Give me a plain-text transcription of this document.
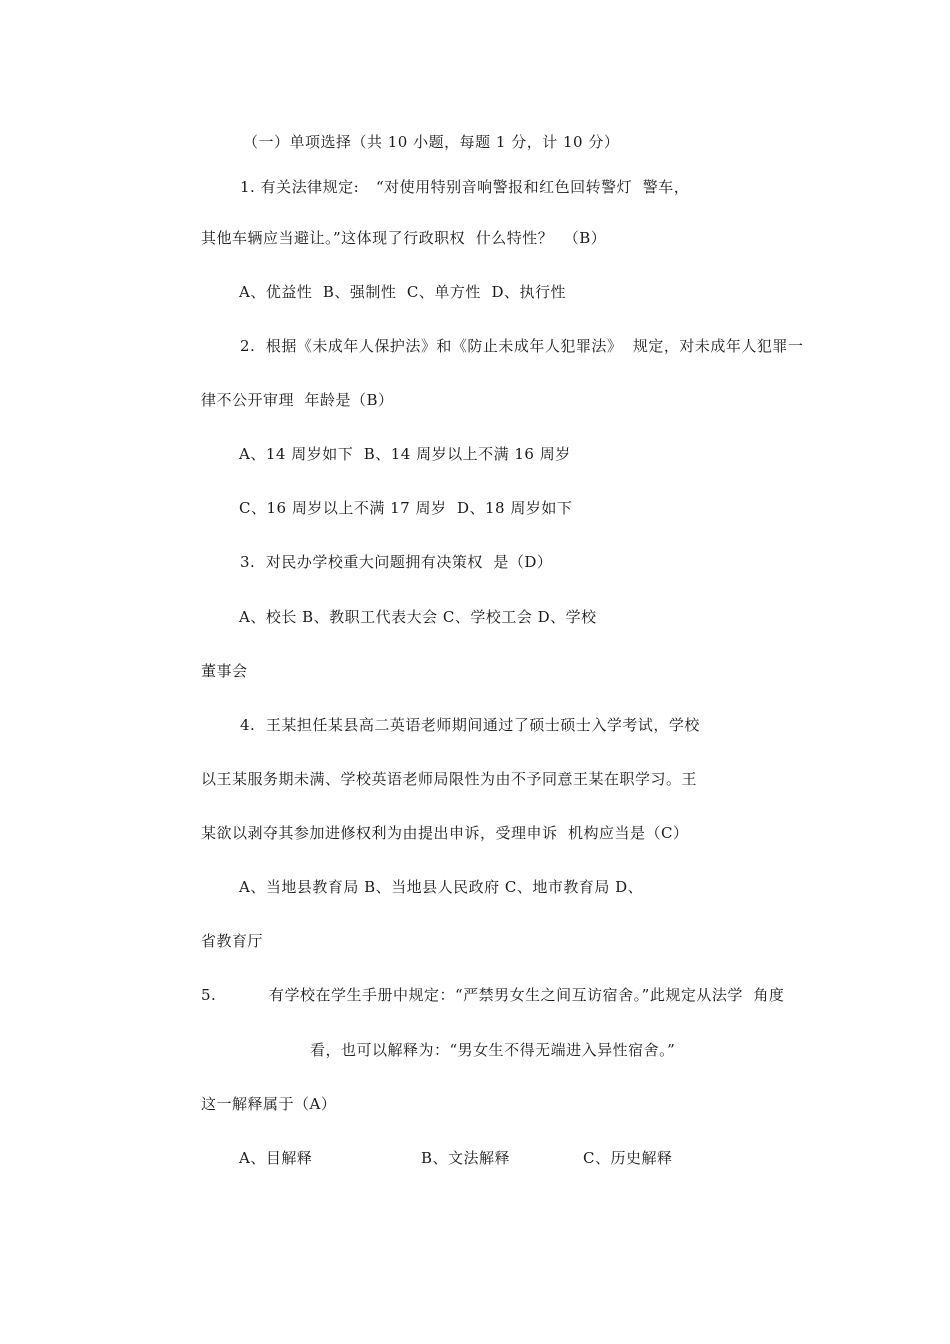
（一）单项选择（共 10 小题，每题 1 分，计 10 分）
1. 有关法律规定: “对使用特别音响警报和红色回转警灯  警车，
其他车辆应当避让。”这体现了行政职权  什么特性？  （B）
A、优益性  B、强制性  C、单方性  D、执行性
2.  根据《未成年人保护法》和《防止未成年人犯罪法》  规定，对未成年人犯罪一
律不公开审理  年龄是（B）
A、14 周岁如下  B、14 周岁以上不满 16 周岁
C、16 周岁以上不满 17 周岁  D、18 周岁如下
3.  对民办学校重大问题拥有决策权  是（D）
A、校长 B、教职工代表大会 C、学校工会 D、学校
董事会
4.  王某担任某县高二英语老师期间通过了硕士硕士入学考试，学校
以王某服务期未满、学校英语老师局限性为由不予同意王某在职学习。王
某欲以剥夺其参加进修权利为由提出申诉，受理申诉  机构应当是（C）
A、当地县教育局 B、当地县人民政府 C、地市教育局 D、
省教育厅
5.	有学校在学生手册中规定：“严禁男女生之间互访宿舍。”此规定从法学  角度
看，也可以解释为：“男女生不得无端进入异性宿舍。”
这一解释属于（A）
A、目解释	B、文法解释	C、历史解释
